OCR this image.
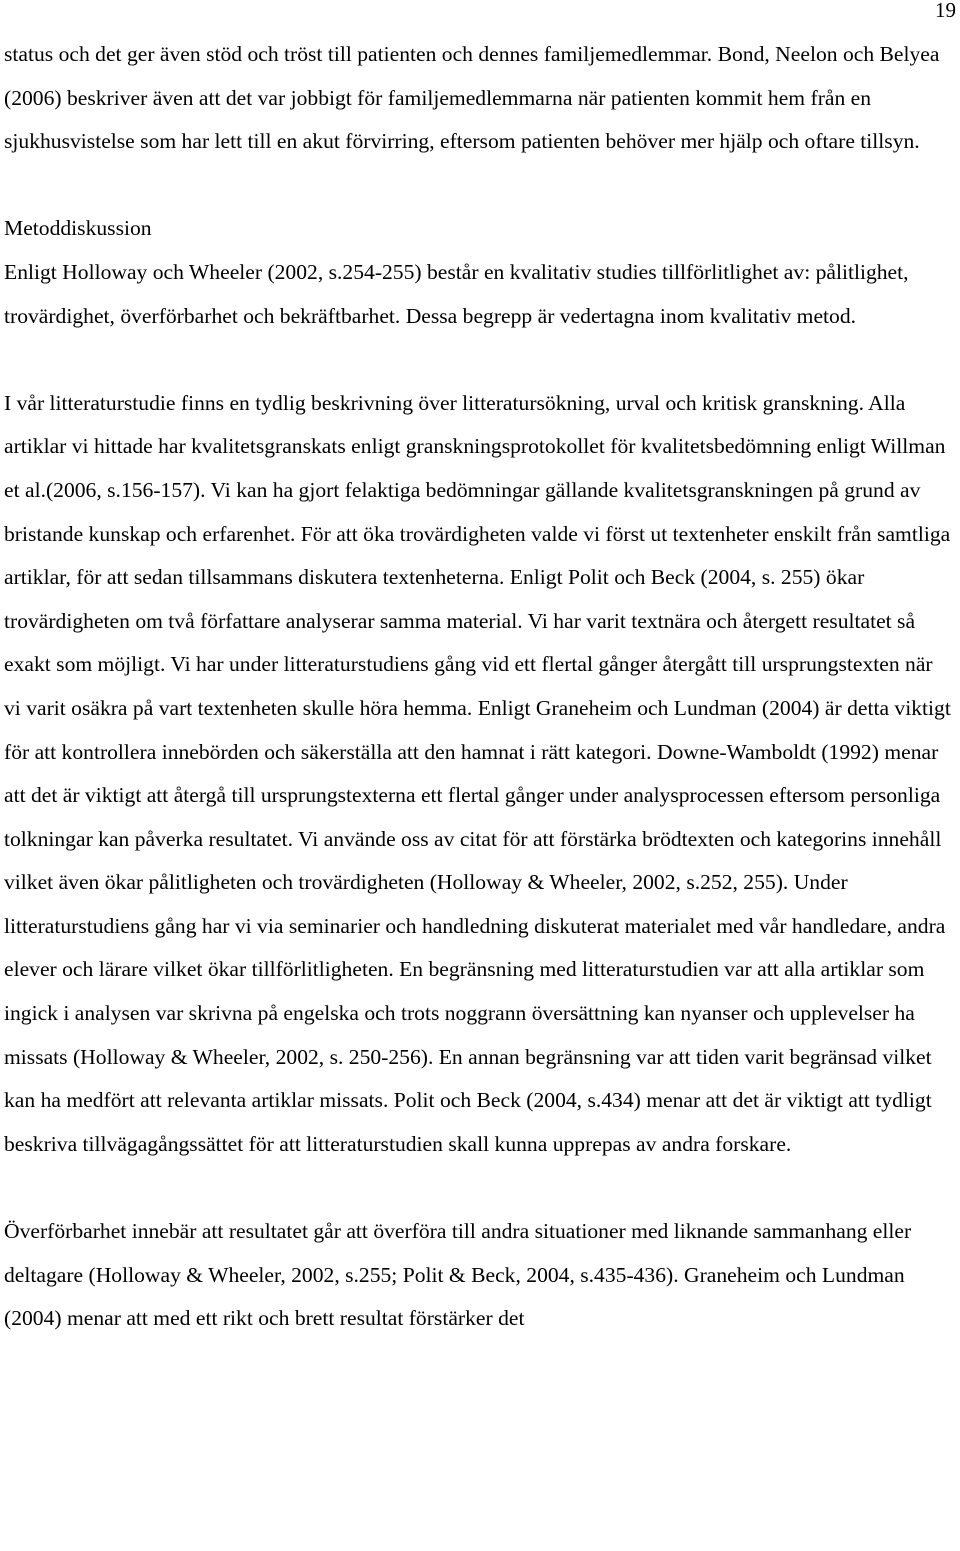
19

status och det ger även stöd och tröst till patienten och dennes familjemedlemmar. Bond, Neelon och Belyea (2006) beskriver även att det var jobbigt för familjemedlemmarna när patienten kommit hem från en sjukhusvistelse som har lett till en akut förvirring, eftersom patienten behöver mer hjälp och oftare tillsyn.

Metoddiskussion

Enligt Holloway och Wheeler (2002, s.254-255) består en kvalitativ studies tillförlitlighet av: pålitlighet, trovärdighet, överförbarhet och bekräftbarhet. Dessa begrepp är vedertagna inom kvalitativ metod.

I vår litteraturstudie finns en tydlig beskrivning över litteratursökning, urval och kritisk granskning. Alla artiklar vi hittade har kvalitetsgranskats enligt granskningsprotokollet för kvalitetsbedömning enligt Willman et al.(2006, s.156-157). Vi kan ha gjort felaktiga bedömningar gällande kvalitetsgranskningen på grund av bristande kunskap och erfarenhet. För att öka trovärdigheten valde vi först ut textenheter enskilt från samtliga artiklar, för att sedan tillsammans diskutera textenheterna. Enligt Polit och Beck (2004, s. 255) ökar trovärdigheten om två författare analyserar samma material. Vi har varit textnära och återgett resultatet så exakt som möjligt. Vi har under litteraturstudiens gång vid ett flertal gånger återgått till ursprungstexten när vi varit osäkra på vart textenheten skulle höra hemma. Enligt Graneheim och Lundman (2004) är detta viktigt för att kontrollera innebörden och säkerställa att den hamnat i rätt kategori. Downe-Wamboldt (1992) menar att det är viktigt att återgå till ursprungstexterna ett flertal gånger under analysprocessen eftersom personliga tolkningar kan påverka resultatet. Vi använde oss av citat för att förstärka brödtexten och kategorins innehåll vilket även ökar pålitligheten och trovärdigheten (Holloway & Wheeler, 2002, s.252, 255). Under litteraturstudiens gång har vi via seminarier och handledning diskuterat materialet med vår handledare, andra elever och lärare vilket ökar tillförlitligheten. En begränsning med litteraturstudien var att alla artiklar som ingick i analysen var skrivna på engelska och trots noggrann översättning kan nyanser och upplevelser ha missats (Holloway & Wheeler, 2002, s. 250-256). En annan begränsning var att tiden varit begränsad vilket kan ha medfört att relevanta artiklar missats. Polit och Beck (2004, s.434) menar att det är viktigt att tydligt beskriva tillvägagångssättet för att litteraturstudien skall kunna upprepas av andra forskare.

Överförbarhet innebär att resultatet går att överföra till andra situationer med liknande sammanhang eller deltagare (Holloway & Wheeler, 2002, s.255; Polit & Beck, 2004, s.435-436). Graneheim och Lundman (2004) menar att med ett rikt och brett resultat förstärker det
